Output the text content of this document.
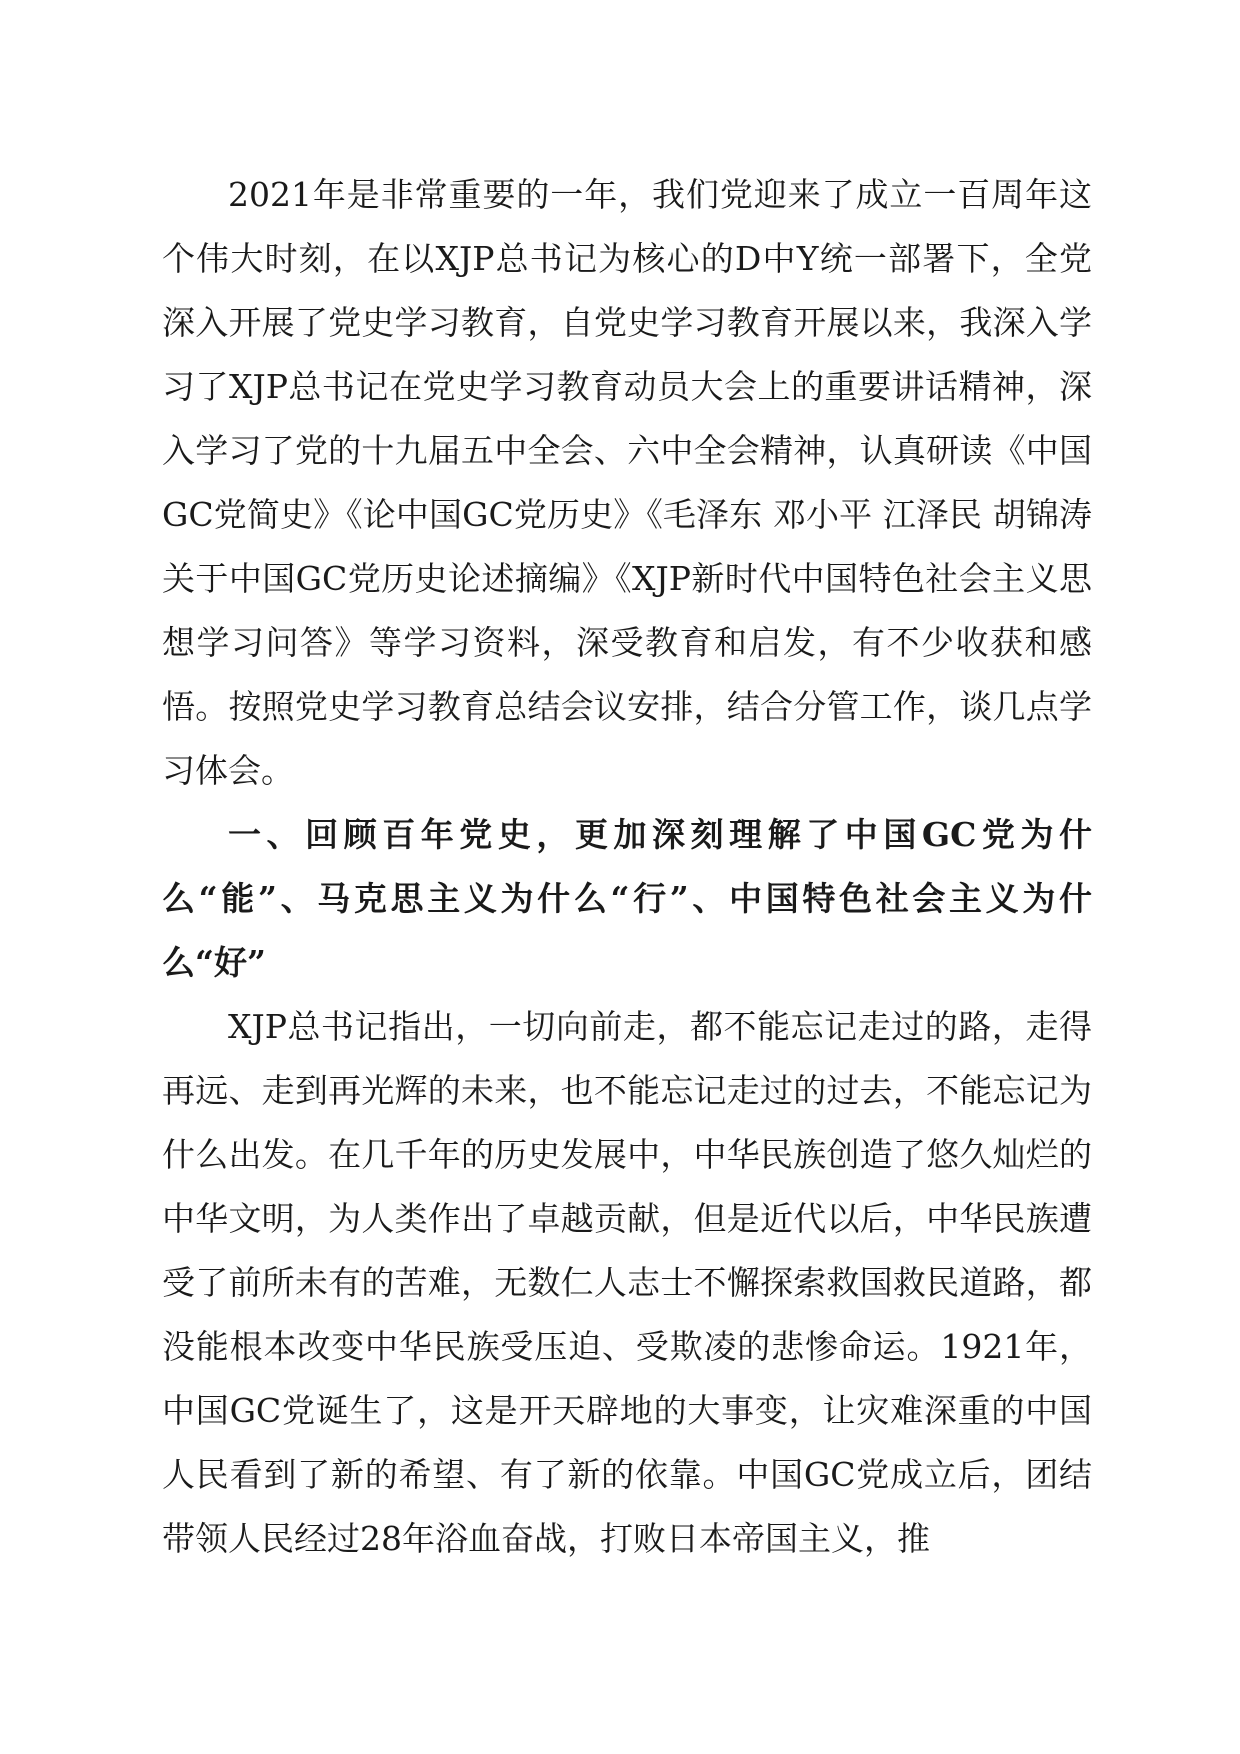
2021年是非常重要的一年，我们党迎来了成立一百周年这个伟大时刻，在以XJP总书记为核心的D中Y统一部署下，全党深入开展了党史学习教育，自党史学习教育开展以来，我深入学习了XJP总书记在党史学习教育动员大会上的重要讲话精神，深入学习了党的十九届五中全会、六中全会精神，认真研读《中国GC党简史》《论中国GC党历史》《毛泽东 邓小平 江泽民 胡锦涛关于中国GC党历史论述摘编》《XJP新时代中国特色社会主义思想学习问答》等学习资料，深受教育和启发，有不少收获和感悟。按照党史学习教育总结会议安排，结合分管工作，谈几点学习体会。

一、回顾百年党史，更加深刻理解了中国GC党为什么“能”、马克思主义为什么“行”、中国特色社会主义为什么“好”

XJP总书记指出，一切向前走，都不能忘记走过的路，走得再远、走到再光辉的未来，也不能忘记走过的过去，不能忘记为什么出发。在几千年的历史发展中，中华民族创造了悠久灿烂的中华文明，为人类作出了卓越贡献，但是近代以后，中华民族遭受了前所未有的苦难，无数仁人志士不懈探索救国救民道路，都没能根本改变中华民族受压迫、受欺凌的悲惨命运。1921年，中国GC党诞生了，这是开天辟地的大事变，让灾难深重的中国人民看到了新的希望、有了新的依靠。中国GC党成立后，团结带领人民经过28年浴血奋战，打败日本帝国主义，推
